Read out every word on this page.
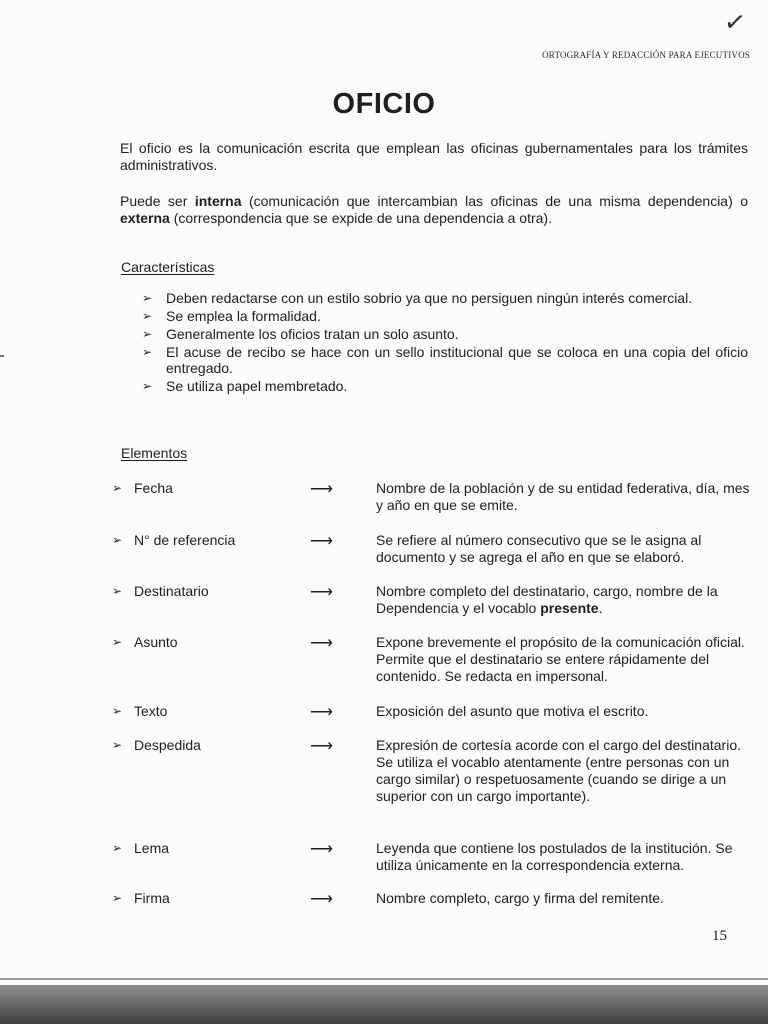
✓
ORTOGRAFÍA Y REDACCIÓN PARA EJECUTIVOS
OFICIO
El oficio es la comunicación escrita que emplean las oficinas gubernamentales para los trámites administrativos.
Puede ser interna (comunicación que intercambian las oficinas de una misma dependencia) o externa (correspondencia que se expide de una dependencia a otra).
Características
➢ Deben redactarse con un estilo sobrio ya que no persiguen ningún interés comercial.
➢ Se emplea la formalidad.
➢ Generalmente los oficios tratan un solo asunto.
➢ El acuse de recibo se hace con un sello institucional que se coloca en una copia del oficio entregado.
➢ Se utiliza papel membretado.
Elementos
➢ Fecha	⟶	Nombre de la población y de su entidad federativa, día, mes y año en que se emite.
➢ N° de referencia	⟶	Se refiere al número consecutivo que se le asigna al documento y se agrega el año en que se elaboró.
➢ Destinatario	⟶	Nombre completo del destinatario, cargo, nombre de la Dependencia y el vocablo presente.
➢ Asunto	⟶	Expone brevemente el propósito de la comunicación oficial. Permite que el destinatario se entere rápidamente del contenido. Se redacta en impersonal.
➢ Texto	⟶	Exposición del asunto que motiva el escrito.
➢ Despedida	⟶	Expresión de cortesía acorde con el cargo del destinatario. Se utiliza el vocablo atentamente (entre personas con un cargo similar) o respetuosamente (cuando se dirige a un superior con un cargo importante).
➢ Lema	⟶	Leyenda que contiene los postulados de la institución. Se utiliza únicamente en la correspondencia externa.
➢ Firma	⟶	Nombre completo, cargo y firma del remitente.
15
